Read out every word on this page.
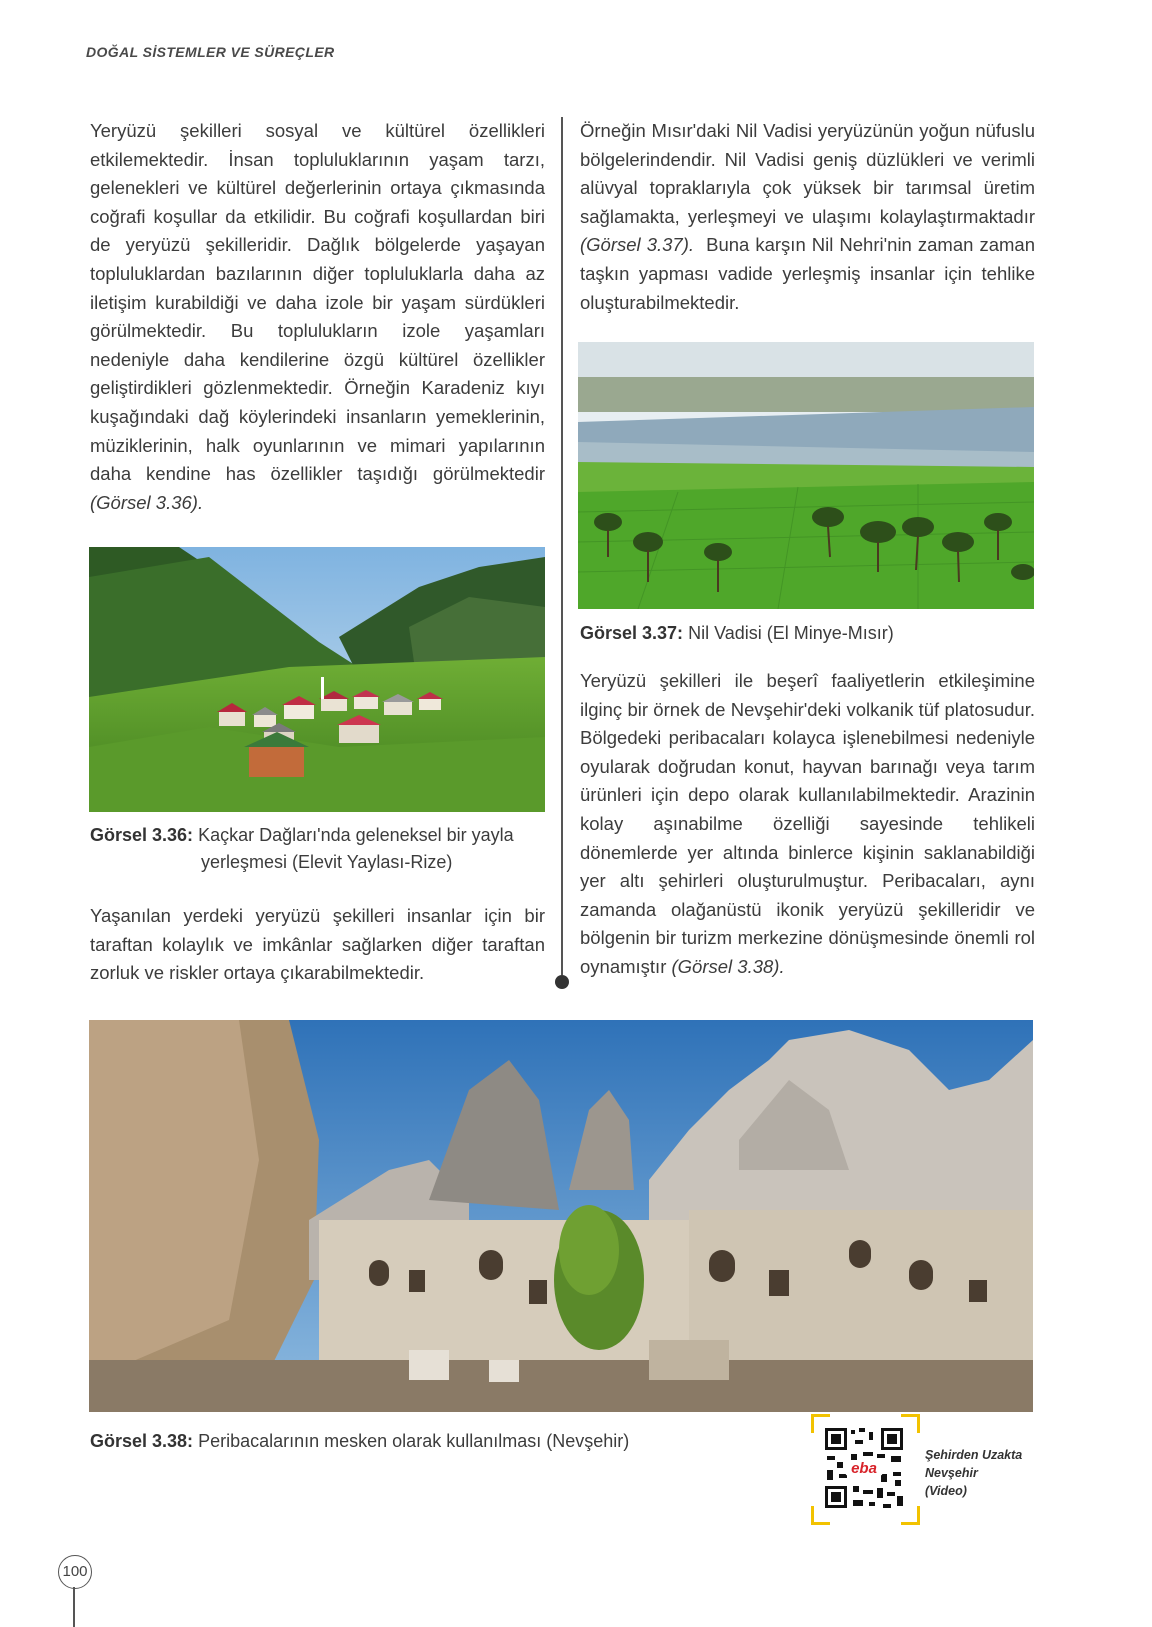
DOĞAL SİSTEMLER VE SÜREÇLER

Yeryüzü şekilleri sosyal ve kültürel özellikleri etkilemektedir. İnsan topluluklarının yaşam tarzı, gelenekleri ve kültürel değerlerinin ortaya çıkmasında coğrafi koşullar da etkilidir. Bu coğrafi koşullardan biri de yeryüzü şekilleridir. Dağlık bölgelerde yaşayan topluluklardan bazılarının diğer topluluklarla daha az iletişim kurabildiği ve daha izole bir yaşam sürdükleri görülmektedir. Bu toplulukların izole yaşamları nedeniyle daha kendilerine özgü kültürel özellikler geliştirdikleri gözlenmektedir. Örneğin Karadeniz kıyı kuşağındaki dağ köylerindeki insanların yemeklerinin, müziklerinin, halk oyunlarının ve mimari yapılarının daha kendine has özellikler taşıdığı görülmektedir (Görsel 3.36).

Görsel 3.36: Kaçkar Dağları'nda geleneksel bir yayla
yerleşmesi (Elevit Yaylası-Rize)

Yaşanılan yerdeki yeryüzü şekilleri insanlar için bir taraftan kolaylık ve imkânlar sağlarken diğer taraftan zorluk ve riskler ortaya çıkarabilmektedir.

Örneğin Mısır'daki Nil Vadisi yeryüzünün yoğun nüfuslu bölgelerindendir. Nil Vadisi geniş düzlükleri ve verimli alüvyal topraklarıyla çok yüksek bir tarımsal üretim sağlamakta, yerleşmeyi ve ulaşımı kolaylaştırmaktadır (Görsel 3.37). Buna karşın Nil Nehri'nin zaman zaman taşkın yapması vadide yerleşmiş insanlar için tehlike oluşturabilmektedir.

Görsel 3.37: Nil Vadisi (El Minye-Mısır)

Yeryüzü şekilleri ile beşerî faaliyetlerin etkileşimine ilginç bir örnek de Nevşehir'deki volkanik tüf platosudur. Bölgedeki peribacaları kolayca işlenebilmesi nedeniyle oyularak doğrudan konut, hayvan barınağı veya tarım ürünleri için depo olarak kullanılabilmektedir. Arazinin kolay aşınabilme özelliği sayesinde tehlikeli dönemlerde yer altında binlerce kişinin saklanabildiği yer altı şehirleri oluşturulmuştur. Peribacaları, aynı zamanda olağanüstü ikonik yeryüzü şekilleridir ve bölgenin bir turizm merkezine dönüşmesinde önemli rol oynamıştır (Görsel 3.38).

Görsel 3.38: Peribacalarının mesken olarak kullanılması (Nevşehir)
eba
Şehirden Uzakta
Nevşehir
(Video)
100
